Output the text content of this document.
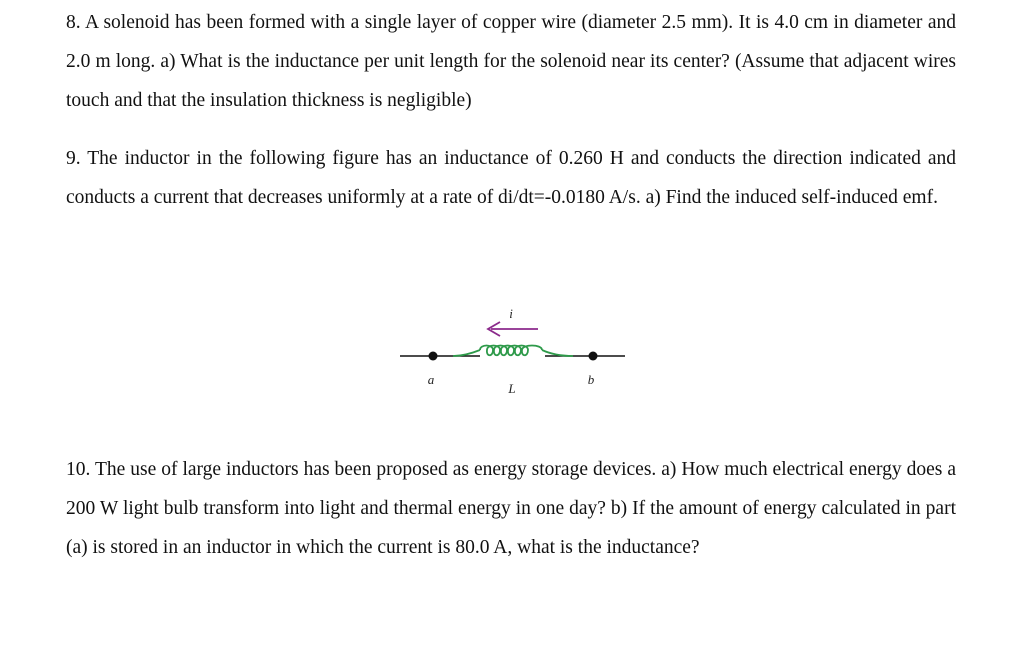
8. A solenoid has been formed with a single layer of copper wire (diameter 2.5 mm). It is 4.0 cm in diameter and 2.0 m long. a) What is the inductance per unit length for the solenoid near its center? (Assume that adjacent wires touch and that the insulation thickness is negligible)

9. The inductor in the following figure has an inductance of 0.260 H and conducts the direction indicated and conducts a current that decreases uniformly at a rate of di/dt=-0.0180 A/s. a) Find the induced self-induced emf.

i
a
L
b

10. The use of large inductors has been proposed as energy storage devices. a) How much electrical energy does a 200 W light bulb transform into light and thermal energy in one day? b) If the amount of energy calculated in part (a) is stored in an inductor in which the current is 80.0 A, what is the inductance?
